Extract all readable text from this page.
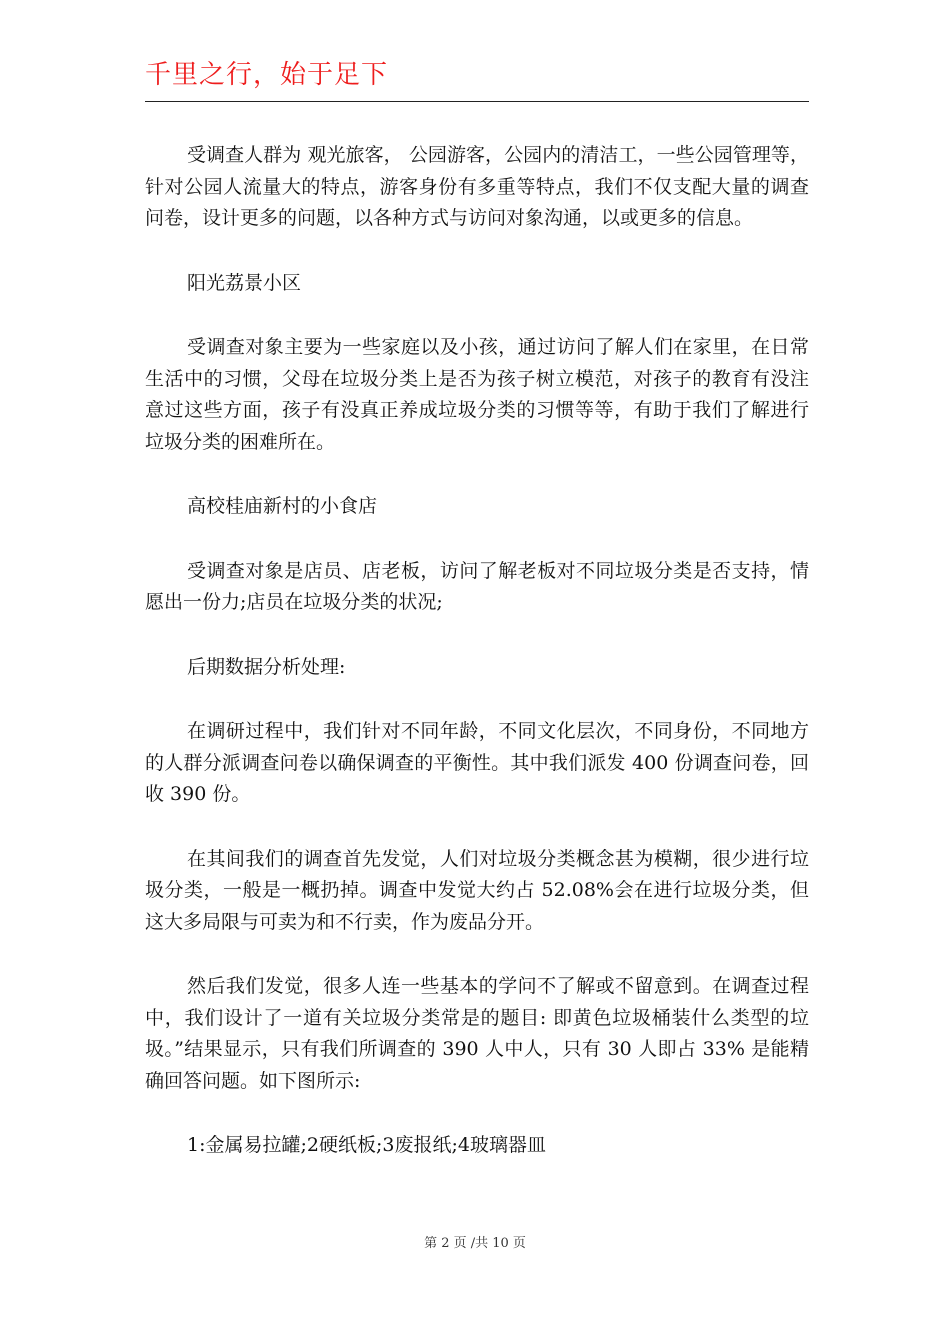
千里之行，始于足下

受调查人群为 观光旅客， 公园游客，公园内的清洁工，一些公园管理等，针对公园人流量大的特点，游客身份有多重等特点，我们不仅支配大量的调查问卷，设计更多的问题，以各种方式与访问对象沟通，以或更多的信息。

阳光荔景小区

受调查对象主要为一些家庭以及小孩，通过访问了解人们在家里，在日常生活中的习惯，父母在垃圾分类上是否为孩子树立模范，对孩子的教育有没注意过这些方面，孩子有没真正养成垃圾分类的习惯等等，有助于我们了解进行垃圾分类的困难所在。

高校桂庙新村的小食店

受调查对象是店员、店老板，访问了解老板对不同垃圾分类是否支持，情愿出一份力;店员在垃圾分类的状况;

后期数据分析处理:

在调研过程中，我们针对不同年龄，不同文化层次，不同身份，不同地方的人群分派调查问卷以确保调查的平衡性。其中我们派发 400 份调查问卷，回收 390 份。

在其间我们的调查首先发觉，人们对垃圾分类概念甚为模糊，很少进行垃圾分类，一般是一概扔掉。调查中发觉大约占 52.08%会在进行垃圾分类，但这大多局限与可卖为和不行卖，作为废品分开。

然后我们发觉，很多人连一些基本的学问不了解或不留意到。在调查过程中，我们设计了一道有关垃圾分类常是的题目: 即黄色垃圾桶装什么类型的垃圾。”结果显示，只有我们所调查的 390 人中人，只有 30 人即占 33% 是能精确回答问题。如下图所示:

1:金属易拉罐;2硬纸板;3废报纸;4玻璃器皿

第 2 页 /共 10 页
